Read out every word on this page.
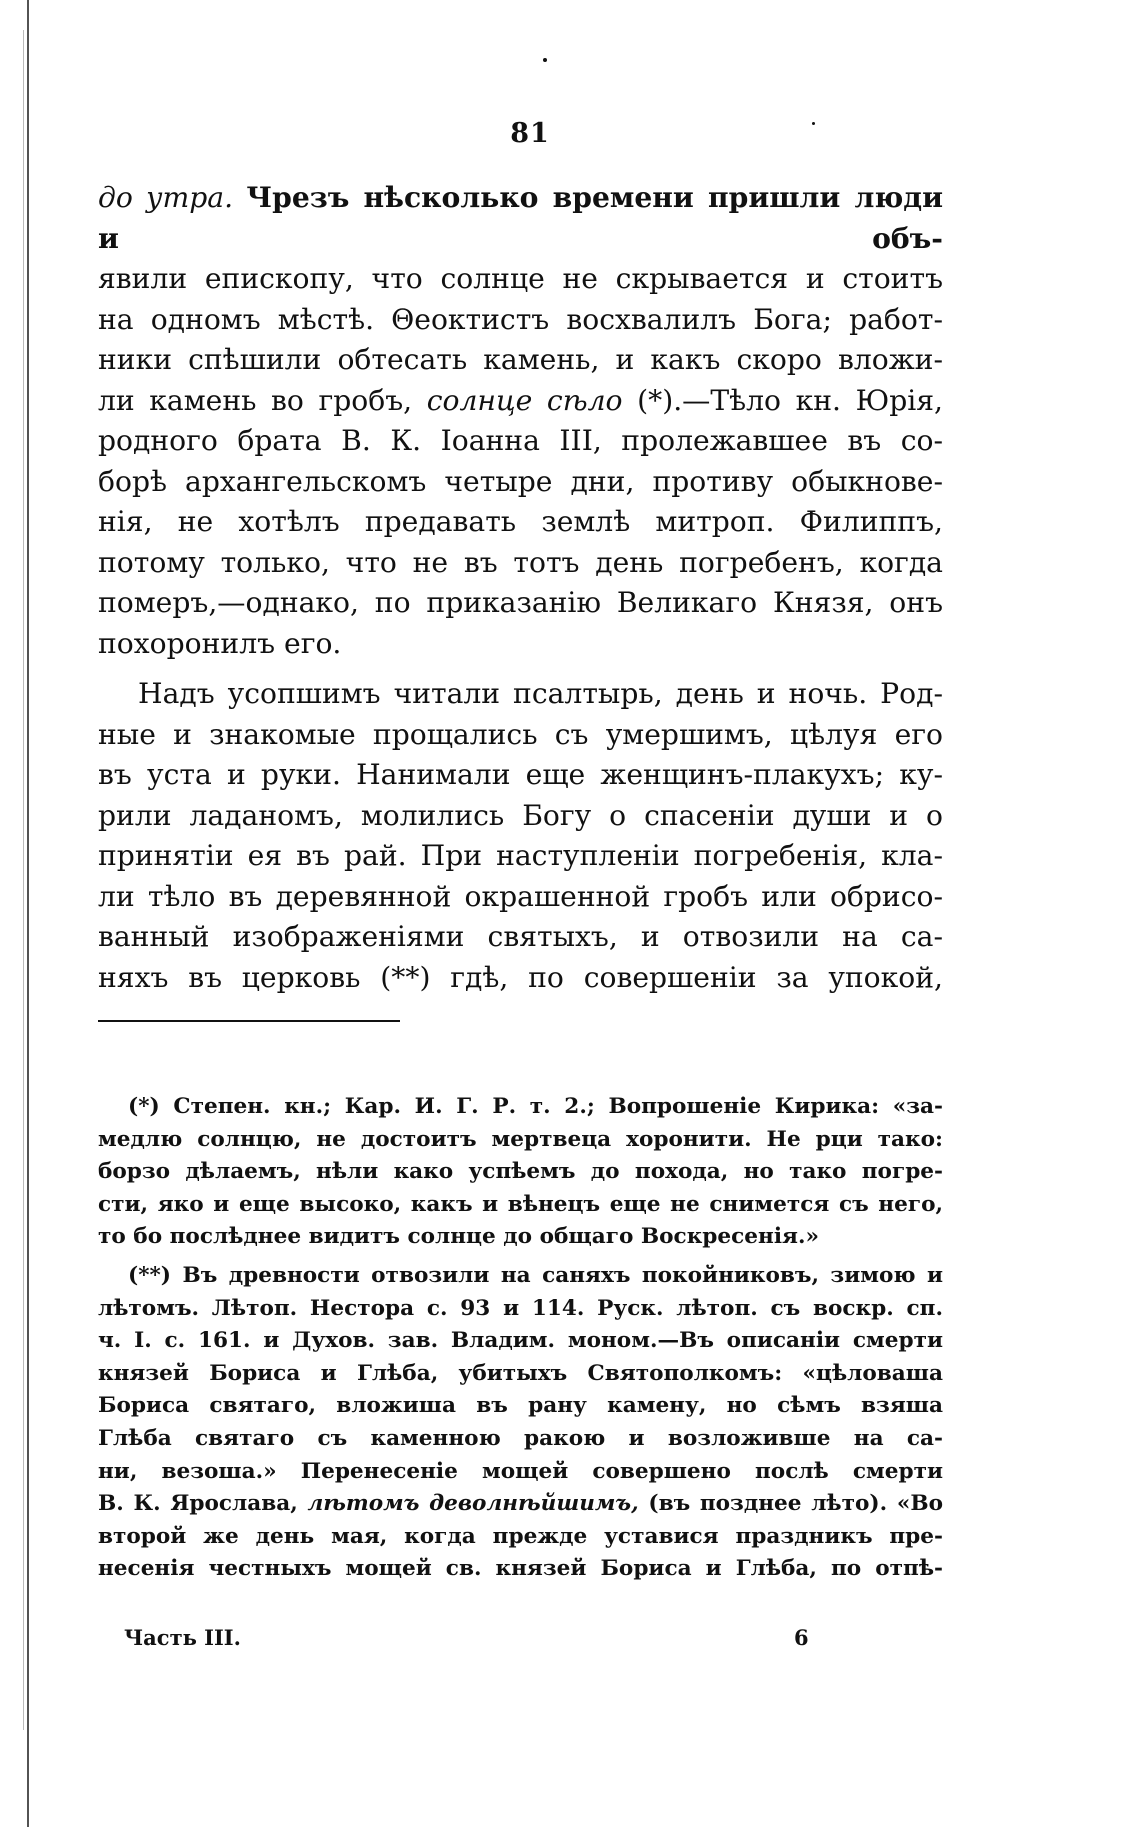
81

до утра. Чрезъ нѣсколько времени пришли люди и объ-

явили епископу, что солнце не скрывается и стоитъ

на одномъ мѣстѣ. Θеоктистъ восхвалилъ Бога; работ-

ники спѣшили обтесать камень, и какъ скоро вложи-

ли камень во гробъ, солнце сѣло (*).—Тѣло кн. Юрія,

родного брата В. К. Іоанна III, пролежавшее въ со-

борѣ архангельскомъ четыре дни, противу обыкнове-

нія, не хотѣлъ предавать землѣ митроп. Филиппъ,

потому только, что не въ тотъ день погребенъ, когда

померъ,—однако, по приказанію Великаго Князя, онъ

похоронилъ его.

Надъ усопшимъ читали псалтырь, день и ночь. Род-

ные и знакомые прощались съ умершимъ, цѣлуя его

въ уста и руки. Нанимали еще женщинъ-плакухъ; ку-

рили ладаномъ, молились Богу о спасеніи души и о

принятіи ея въ рай. При наступленіи погребенія, кла-

ли тѣло въ деревянной окрашенной гробъ или обрисо-

ванный изображеніями святыхъ, и отвозили на са-

няхъ въ церковь (**) гдѣ, по совершеніи за упокой,

(*) Степен. кн.; Кар. И. Г. Р. т. 2.; Вопрошеніе Кирика: «за-

медлю солнцю, не достоитъ мертвеца хоронити. Не рци тако:

борзо дѣлаемъ, нѣли како успѣемъ до похода, но тако погре-

сти, яко и еще высоко, какъ и вѣнецъ еще не снимется съ него,

то бо послѣднее видитъ солнце до общаго Воскресенія.»

(**) Въ древности отвозили на саняхъ покойниковъ, зимою и

лѣтомъ. Лѣтоп. Нестора с. 93 и 114. Руск. лѣтоп. съ воскр. сп.

ч. I. с. 161. и Духов. зав. Владим. моном.—Въ описаніи смерти

князей Бориса и Глѣба, убитыхъ Святополкомъ: «цѣловаша

Бориса святаго, вложиша въ рану камену, но сѣмъ взяша

Глѣба святаго съ каменною ракою и возложивше на са-

ни, везоша.» Перенесеніе мощей совершено послѣ смерти

В. К. Ярослава, лѣтомъ деволнѣйшимъ, (въ позднее лѣто). «Во

второй же день мая, когда прежде уставися праздникъ пре-

несенія честныхъ мощей св. князей Бориса и Глѣба, по отпѣ-

Часть III.	6
